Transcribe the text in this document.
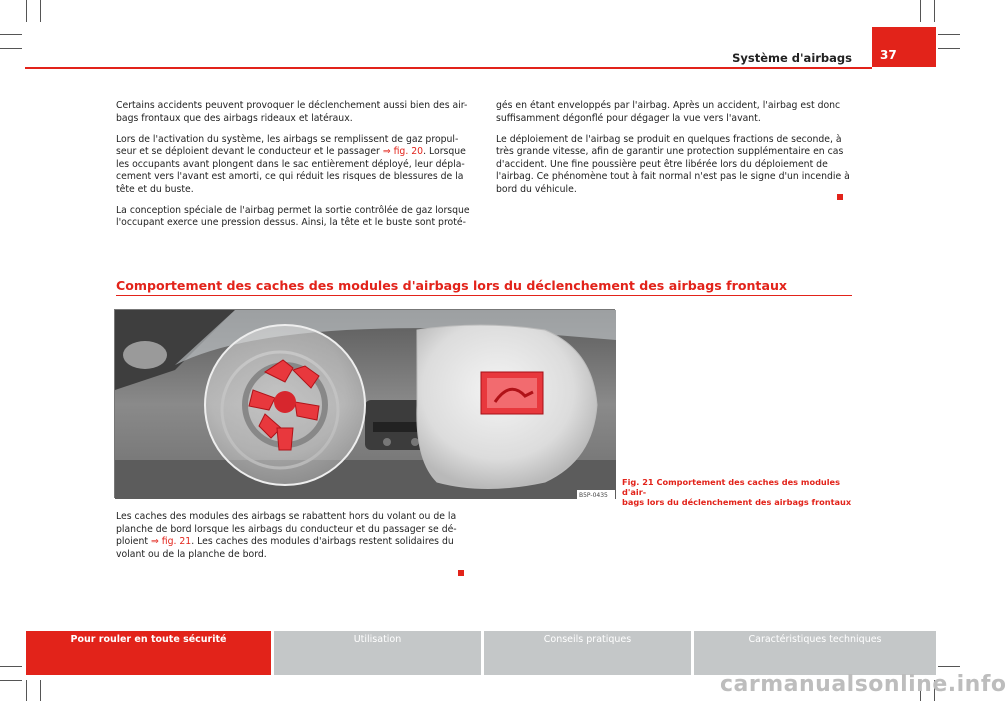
Système d'airbags 37

Certains accidents peuvent provoquer le déclenchement aussi bien des air-
bags frontaux que des airbags rideaux et latéraux.

Lors de l'activation du système, les airbags se remplissent de gaz propul-
seur et se déploient devant le conducteur et le passager ⇒ fig. 20. Lorsque
les occupants avant plongent dans le sac entièrement déployé, leur dépla-
cement vers l'avant est amorti, ce qui réduit les risques de blessures de la
tête et du buste.

La conception spéciale de l'airbag permet la sortie contrôlée de gaz lorsque
l'occupant exerce une pression dessus. Ainsi, la tête et le buste sont proté-

gés en étant enveloppés par l'airbag. Après un accident, l'airbag est donc
suffisamment dégonflé pour dégager la vue vers l'avant.

Le déploiement de l'airbag se produit en quelques fractions de seconde, à
très grande vitesse, afin de garantir une protection supplémentaire en cas
d'accident. Une fine poussière peut être libérée lors du déploiement de
l'airbag. Ce phénomène tout à fait normal n'est pas le signe d'un incendie à
bord du véhicule.

Comportement des caches des modules d'airbags lors du déclenchement des airbags frontaux
B5P-0435
Fig. 21 Comportement des caches des modules d'air-
bags lors du déclenchement des airbags frontaux

Les caches des modules des airbags se rabattent hors du volant ou de la
planche de bord lorsque les airbags du conducteur et du passager se dé-
ploient ⇒ fig. 21. Les caches des modules d'airbags restent solidaires du
volant ou de la planche de bord.

Pour rouler en toute sécurité	Utilisation	Conseils pratiques	Caractéristiques techniques
carmanualsonline.info
